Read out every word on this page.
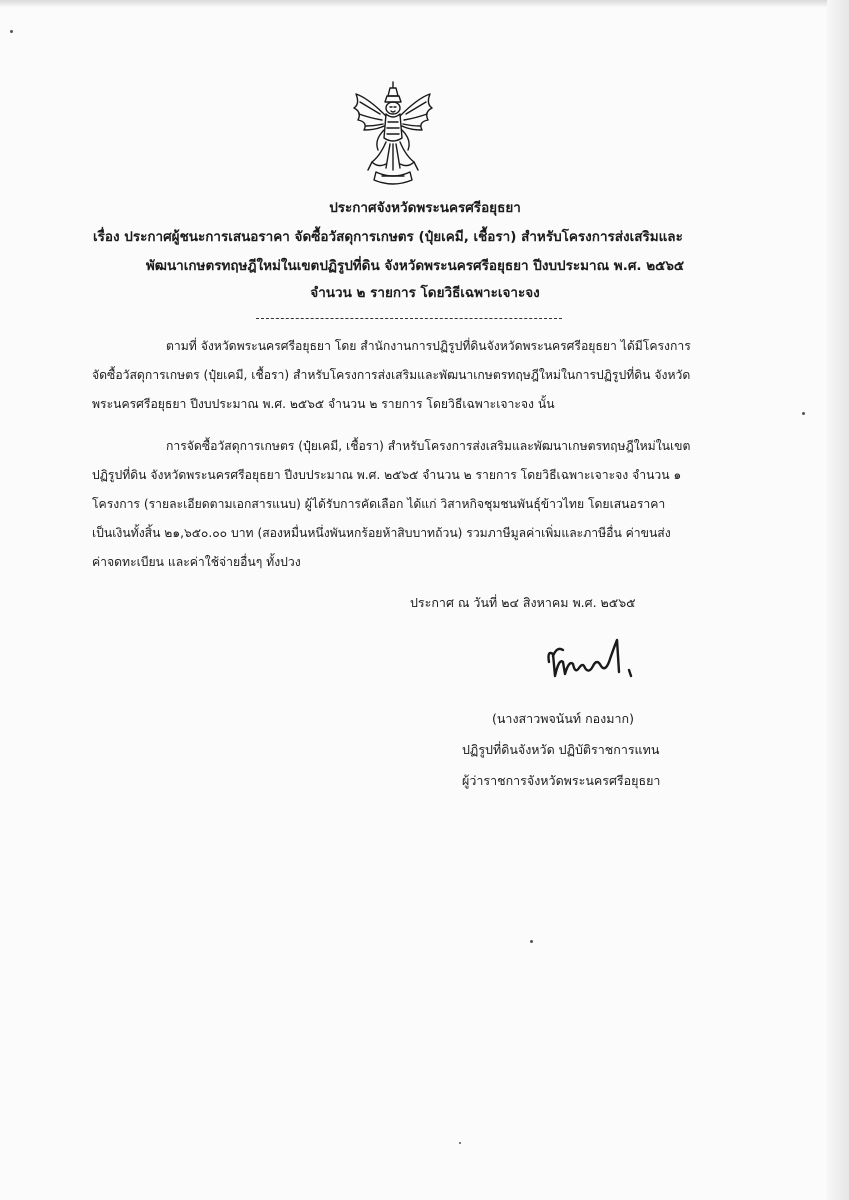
ประกาศจังหวัดพระนครศรีอยุธยา
เรื่อง ประกาศผู้ชนะการเสนอราคา จัดซื้อวัสดุการเกษตร (ปุ๋ยเคมี, เชื้อรา) สำหรับโครงการส่งเสริมและ
พัฒนาเกษตรทฤษฎีใหม่ในเขตปฏิรูปที่ดิน จังหวัดพระนครศรีอยุธยา ปีงบประมาณ พ.ศ. ๒๕๖๕
จำนวน ๒ รายการ โดยวิธีเฉพาะเจาะจง
ตามที่ จังหวัดพระนครศรีอยุธยา โดย สำนักงานการปฏิรูปที่ดินจังหวัดพระนครศรีอยุธยา ได้มีโครงการ
จัดซื้อวัสดุการเกษตร (ปุ๋ยเคมี, เชื้อรา) สำหรับโครงการส่งเสริมและพัฒนาเกษตรทฤษฎีใหม่ในการปฏิรูปที่ดิน จังหวัด
พระนครศรีอยุธยา ปีงบประมาณ พ.ศ. ๒๕๖๕ จำนวน ๒ รายการ โดยวิธีเฉพาะเจาะจง นั้น
การจัดซื้อวัสดุการเกษตร (ปุ๋ยเคมี, เชื้อรา) สำหรับโครงการส่งเสริมและพัฒนาเกษตรทฤษฎีใหม่ในเขต
ปฏิรูปที่ดิน จังหวัดพระนครศรีอยุธยา ปีงบประมาณ พ.ศ. ๒๕๖๕ จำนวน ๒ รายการ โดยวิธีเฉพาะเจาะจง จำนวน ๑
โครงการ (รายละเอียดตามเอกสารแนบ) ผู้ได้รับการคัดเลือก ได้แก่ วิสาหกิจชุมชนพันธุ์ข้าวไทย โดยเสนอราคา
เป็นเงินทั้งสิ้น ๒๑,๖๕๐.๐๐ บาท (สองหมื่นหนึ่งพันหกร้อยห้าสิบบาทถ้วน) รวมภาษีมูลค่าเพิ่มและภาษีอื่น ค่าขนส่ง
ค่าจดทะเบียน และค่าใช้จ่ายอื่นๆ ทั้งปวง
ประกาศ ณ วันที่ ๒๔ สิงหาคม พ.ศ. ๒๕๖๕
(นางสาวพจนันท์ กองมาก)
ปฏิรูปที่ดินจังหวัด ปฏิบัติราชการแทน
ผู้ว่าราชการจังหวัดพระนครศรีอยุธยา
